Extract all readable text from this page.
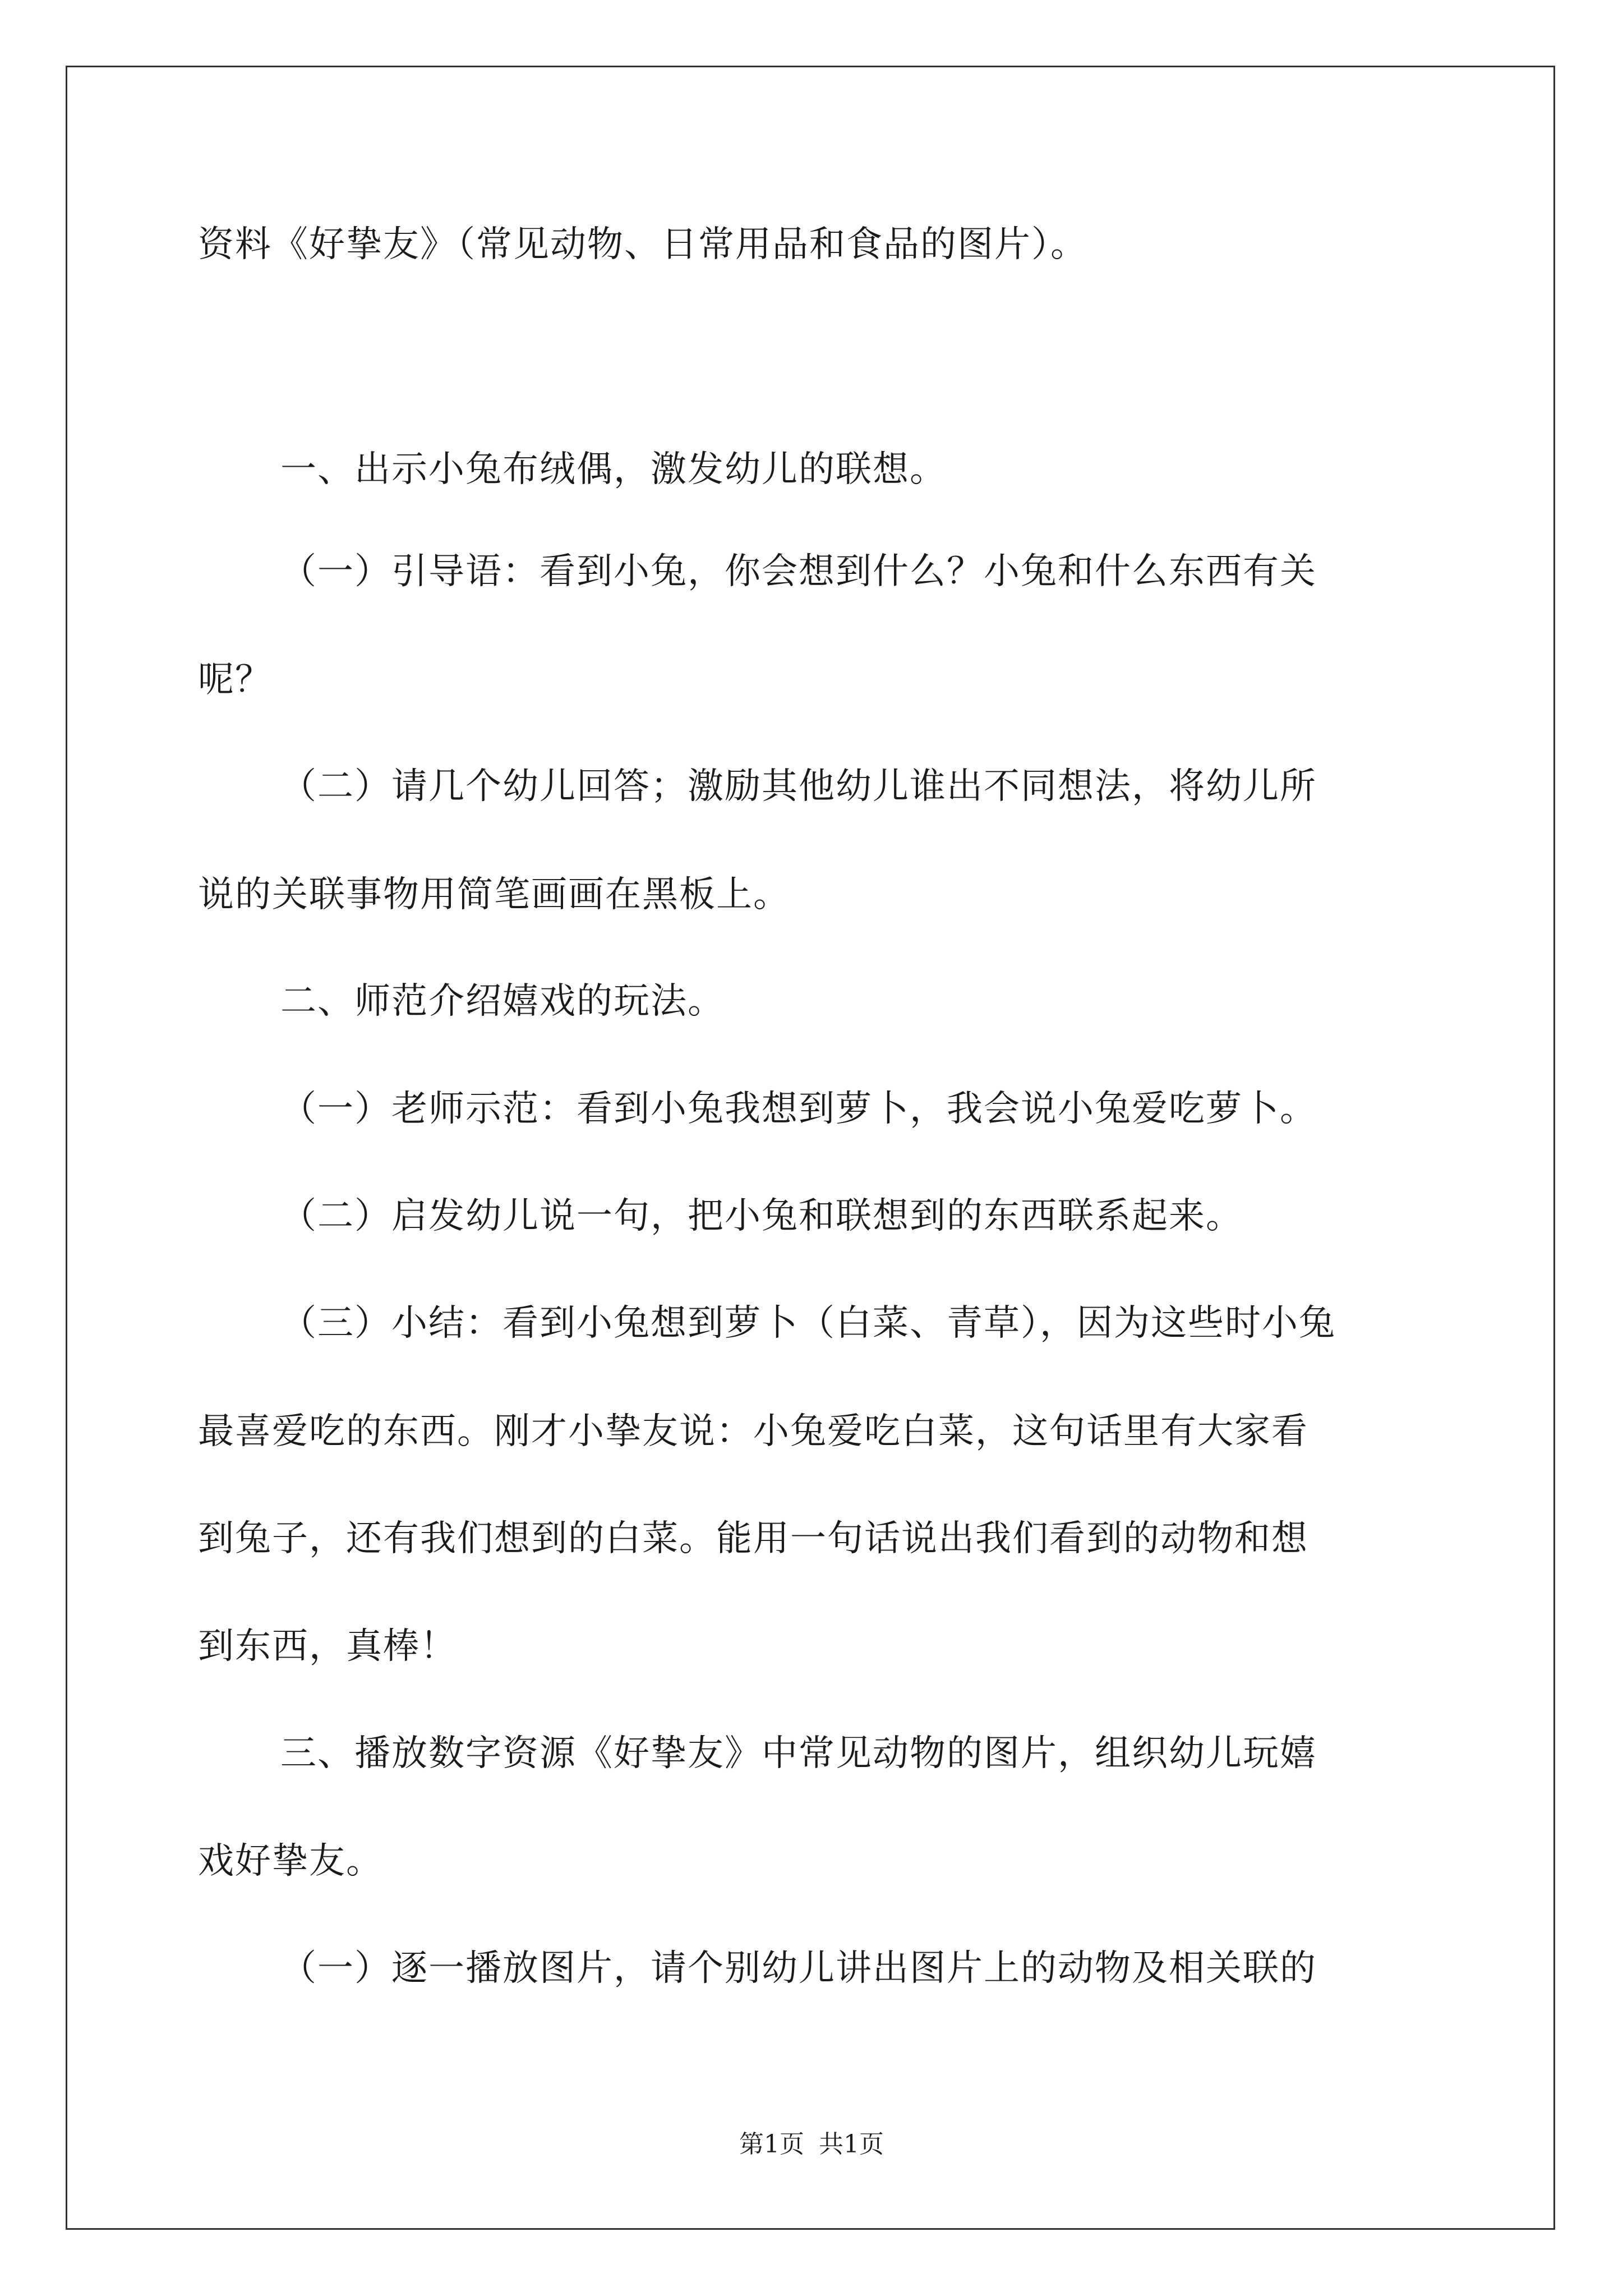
资料《好挚友》（常见动物、日常用品和食品的图片）。
一、出示小兔布绒偶，激发幼儿的联想。
（一）引导语：看到小兔，你会想到什么？小兔和什么东西有关
呢？
（二）请几个幼儿回答；激励其他幼儿谁出不同想法，将幼儿所
说的关联事物用简笔画画在黑板上。
二、师范介绍嬉戏的玩法。
（一）老师示范：看到小兔我想到萝卜，我会说小兔爱吃萝卜。
（二）启发幼儿说一句，把小兔和联想到的东西联系起来。
（三）小结：看到小兔想到萝卜（白菜、青草），因为这些时小兔
最喜爱吃的东西。刚才小挚友说：小兔爱吃白菜，这句话里有大家看
到兔子，还有我们想到的白菜。能用一句话说出我们看到的动物和想
到东西，真棒！
三、播放数字资源《好挚友》中常见动物的图片，组织幼儿玩嬉
戏好挚友。
（一）逐一播放图片，请个别幼儿讲出图片上的动物及相关联的
第1页 共1页
